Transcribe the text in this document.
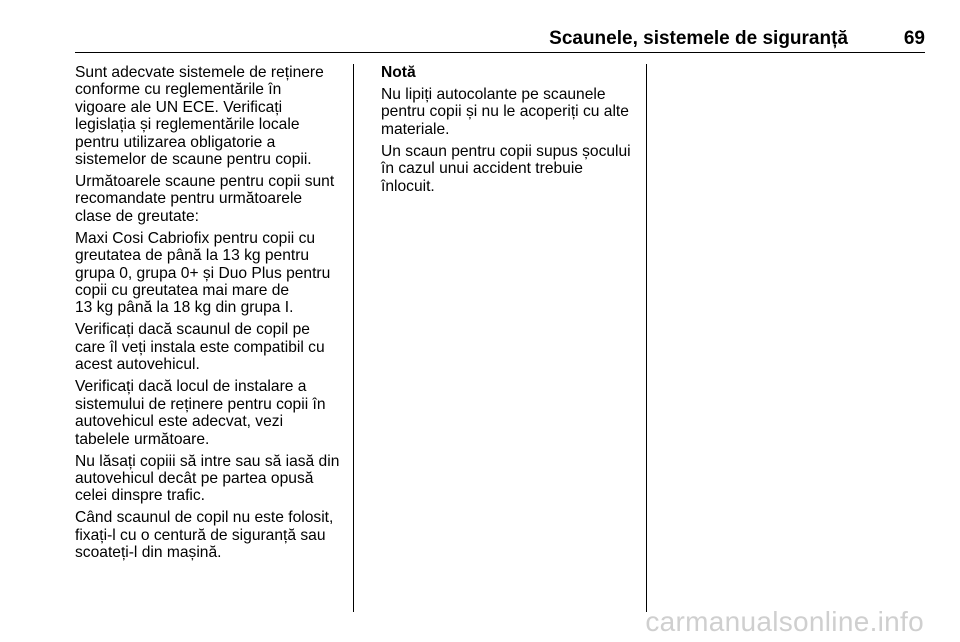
Scaunele, sistemele de siguranță	69

Sunt adecvate sistemele de reținere
conforme cu reglementările în
vigoare ale UN ECE. Verificați
legislația și reglementările locale
pentru utilizarea obligatorie a
sistemelor de scaune pentru copii.

Următoarele scaune pentru copii sunt
recomandate pentru următoarele
clase de greutate:

Maxi Cosi Cabriofix pentru copii cu
greutatea de până la 13 kg pentru
grupa 0, grupa 0+ și Duo Plus pentru
copii cu greutatea mai mare de
13 kg până la 18 kg din grupa I.

Verificați dacă scaunul de copil pe
care îl veți instala este compatibil cu
acest autovehicul.

Verificați dacă locul de instalare a
sistemului de reținere pentru copii în
autovehicul este adecvat, vezi
tabelele următoare.

Nu lăsați copiii să intre sau să iasă din
autovehicul decât pe partea opusă
celei dinspre trafic.

Când scaunul de copil nu este folosit,
fixați-l cu o centură de siguranță sau
scoateți-l din mașină.

Notă

Nu lipiți autocolante pe scaunele
pentru copii și nu le acoperiți cu alte
materiale.

Un scaun pentru copii supus șocului
în cazul unui accident trebuie
înlocuit.

carmanualsonline.info
